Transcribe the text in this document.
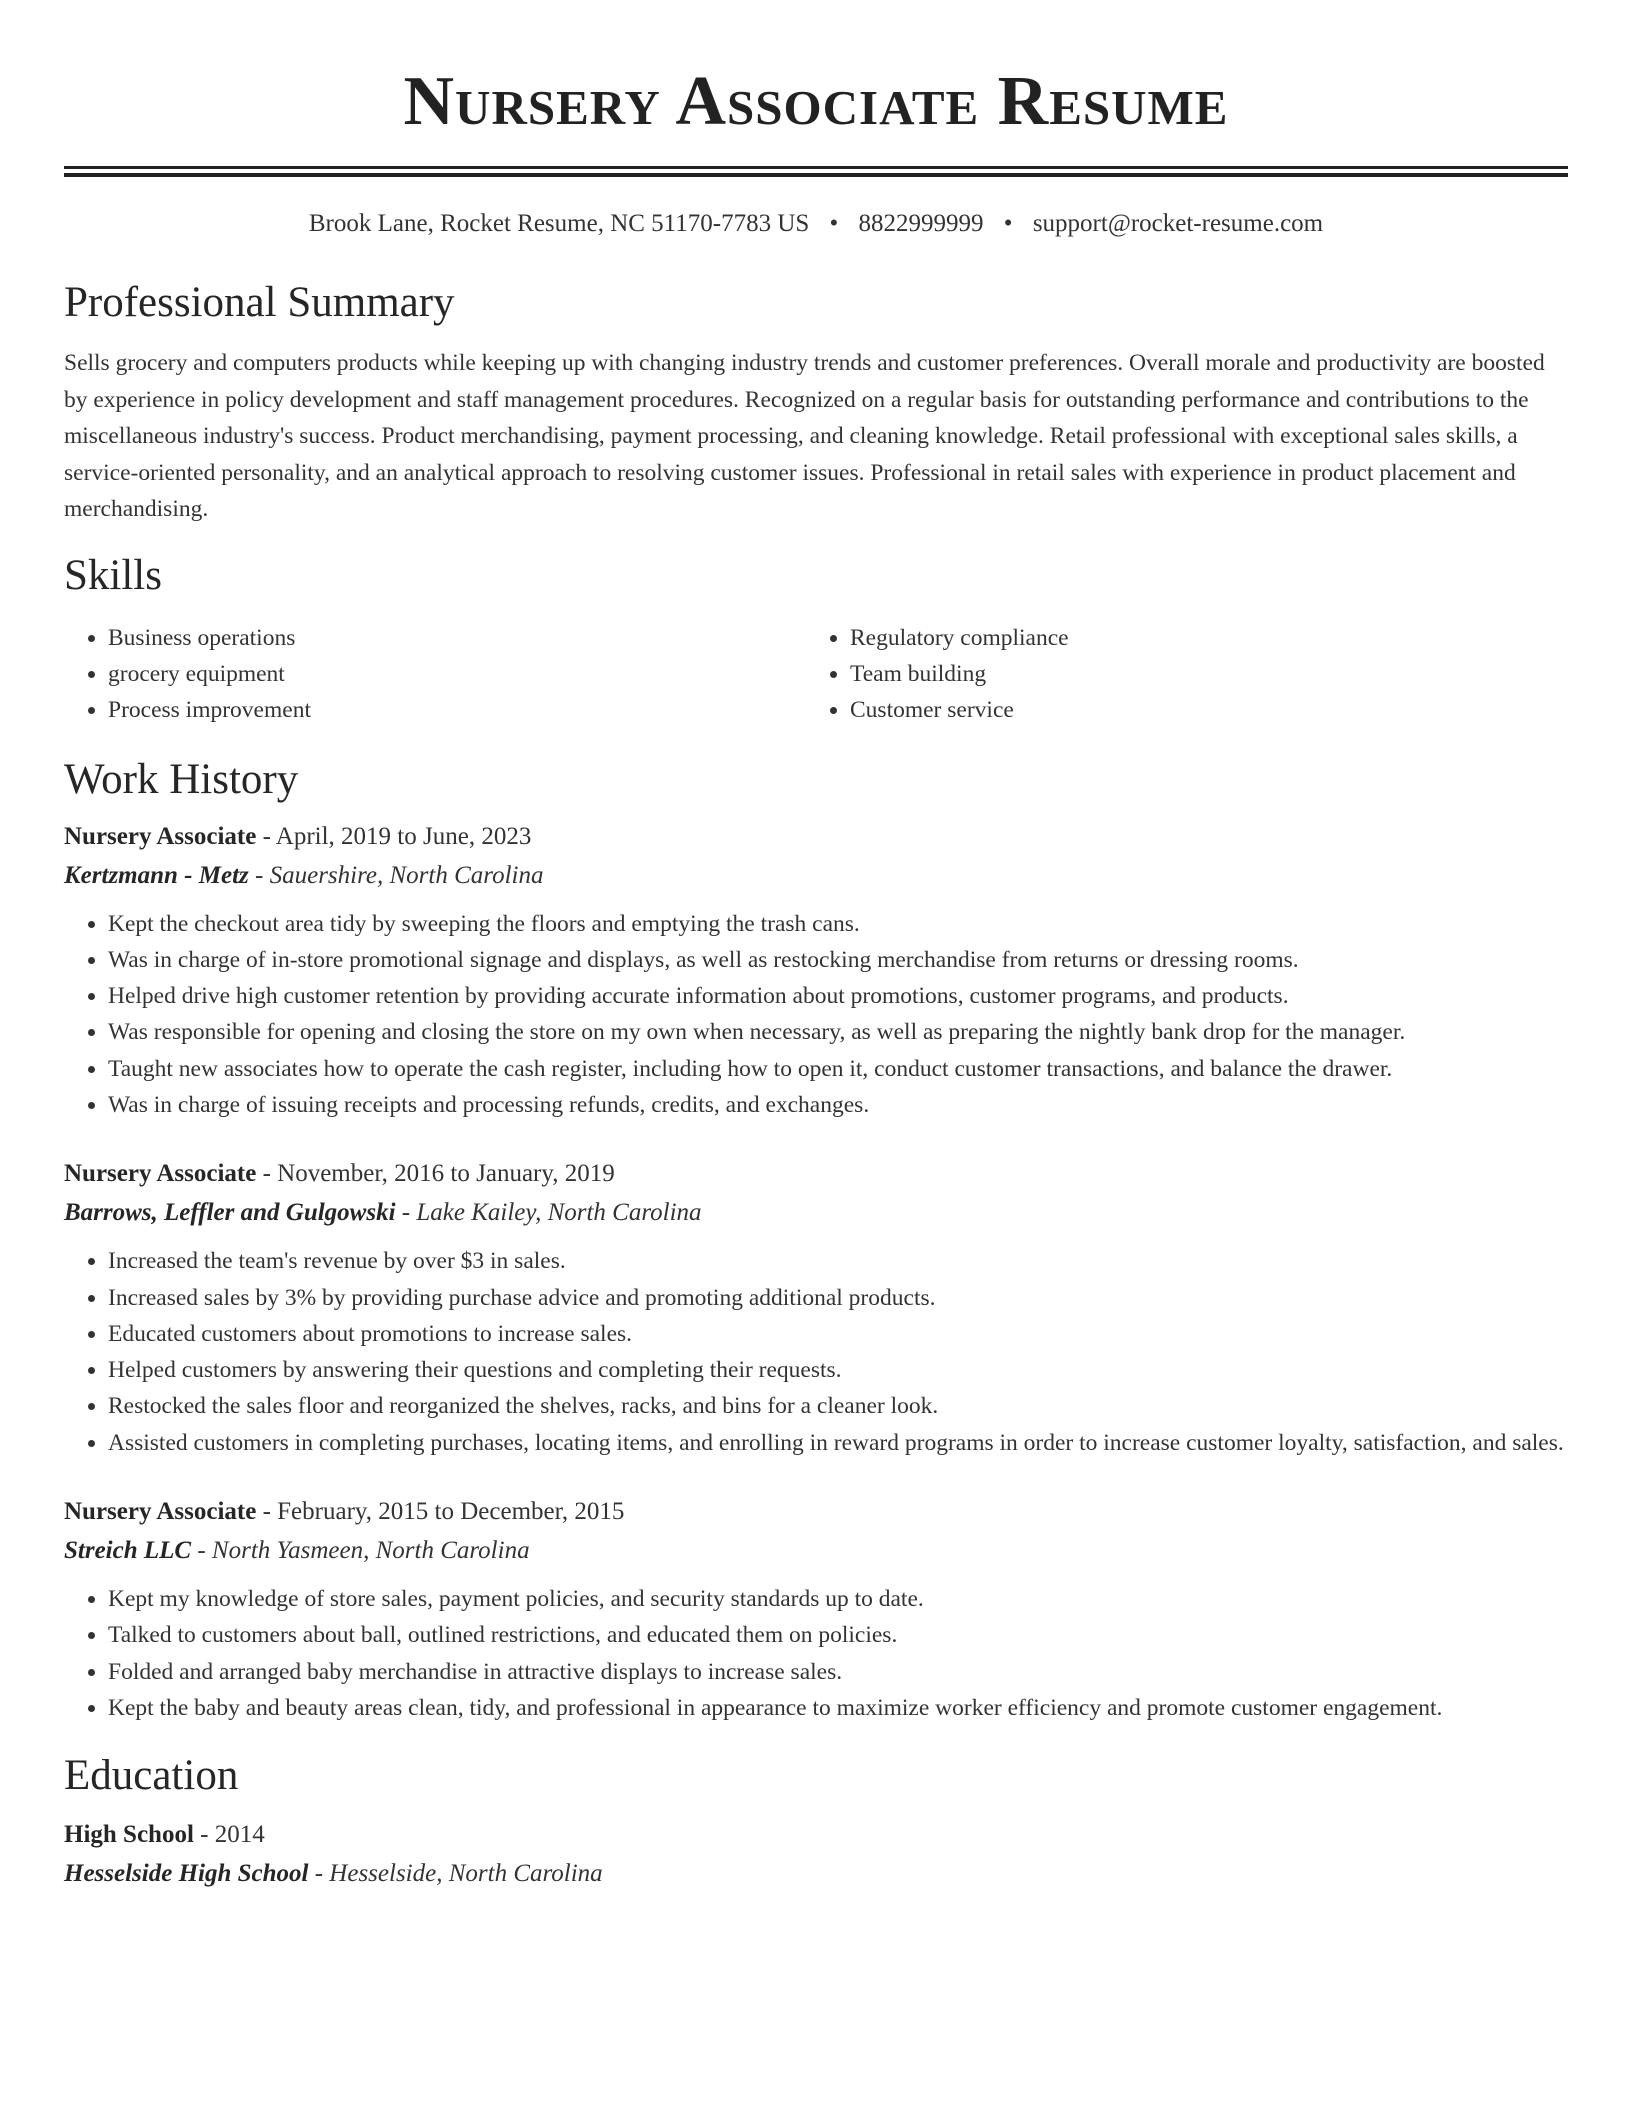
Nursery Associate Resume
Brook Lane, Rocket Resume, NC 51170-7783 US • 8822999999 • support@rocket-resume.com
Professional Summary

Sells grocery and computers products while keeping up with changing industry trends and customer preferences. Overall morale and productivity are boosted by experience in policy development and staff management procedures. Recognized on a regular basis for outstanding performance and contributions to the miscellaneous industry's success. Product merchandising, payment processing, and cleaning knowledge. Retail professional with exceptional sales skills, a service-oriented personality, and an analytical approach to resolving customer issues. Professional in retail sales with experience in product placement and merchandising.

Skills
• Business operations
• grocery equipment
• Process improvement
• Regulatory compliance
• Team building
• Customer service
Work History
Nursery Associate - April, 2019 to June, 2023
Kertzmann - Metz - Sauershire, North Carolina
• Kept the checkout area tidy by sweeping the floors and emptying the trash cans.
• Was in charge of in-store promotional signage and displays, as well as restocking merchandise from returns or dressing rooms.
• Helped drive high customer retention by providing accurate information about promotions, customer programs, and products.
• Was responsible for opening and closing the store on my own when necessary, as well as preparing the nightly bank drop for the manager.
• Taught new associates how to operate the cash register, including how to open it, conduct customer transactions, and balance the drawer.
• Was in charge of issuing receipts and processing refunds, credits, and exchanges.
Nursery Associate - November, 2016 to January, 2019
Barrows, Leffler and Gulgowski - Lake Kailey, North Carolina
• Increased the team's revenue by over $3 in sales.
• Increased sales by 3% by providing purchase advice and promoting additional products.
• Educated customers about promotions to increase sales.
• Helped customers by answering their questions and completing their requests.
• Restocked the sales floor and reorganized the shelves, racks, and bins for a cleaner look.
• Assisted customers in completing purchases, locating items, and enrolling in reward programs in order to increase customer loyalty, satisfaction, and sales.
Nursery Associate - February, 2015 to December, 2015
Streich LLC - North Yasmeen, North Carolina
• Kept my knowledge of store sales, payment policies, and security standards up to date.
• Talked to customers about ball, outlined restrictions, and educated them on policies.
• Folded and arranged baby merchandise in attractive displays to increase sales.
• Kept the baby and beauty areas clean, tidy, and professional in appearance to maximize worker efficiency and promote customer engagement.
Education
High School - 2014
Hesselside High School - Hesselside, North Carolina
